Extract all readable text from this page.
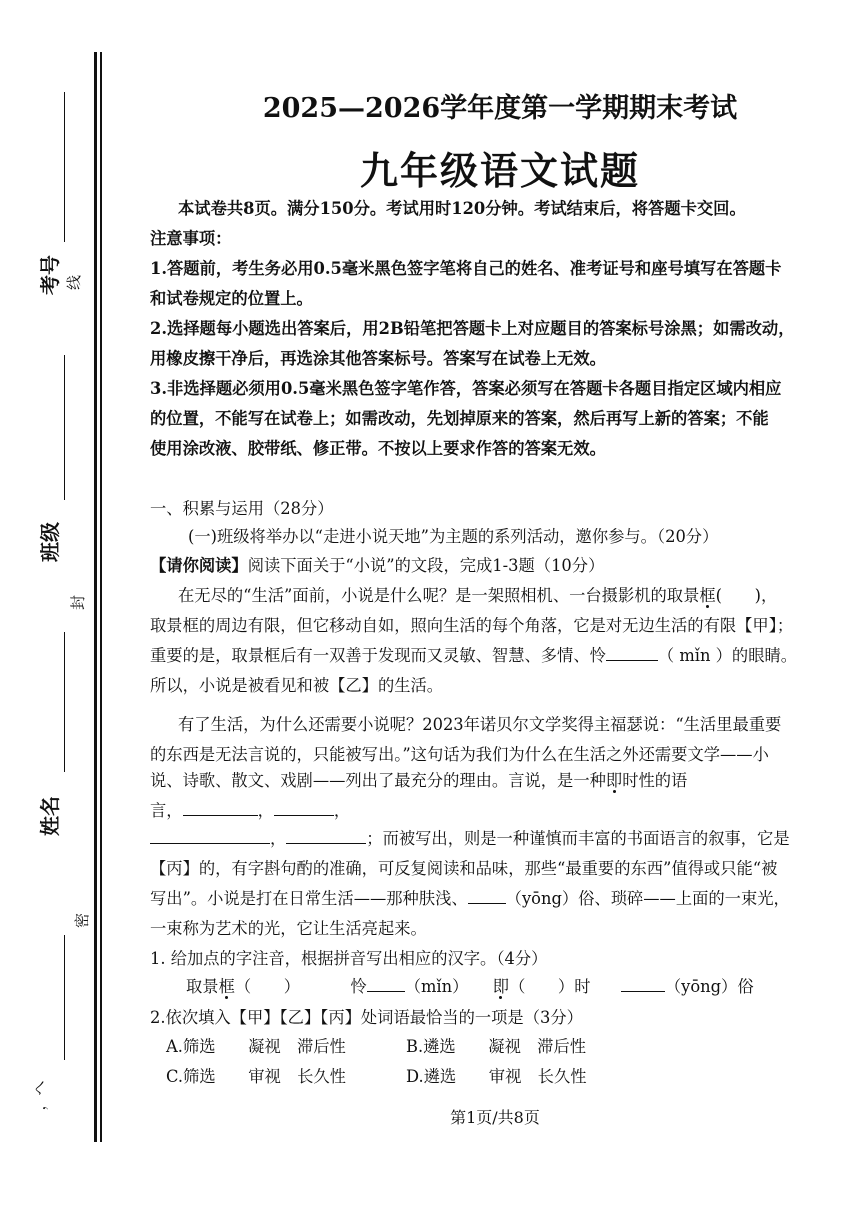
考号 线
班级
封
姓名
密
，へ
2025—2026学年度第一学期期末考试
九年级语文试题
本试卷共8页。满分150分。考试用时120分钟。考试结束后，将答题卡交回。
注意事项：
1.答题前，考生务必用0.5毫米黑色签字笔将自己的姓名、准考证号和座号填写在答题卡
和试卷规定的位置上。
2.选择题每小题选出答案后，用2B铅笔把答题卡上对应题目的答案标号涂黑；如需改动，
用橡皮擦干净后，再选涂其他答案标号。答案写在试卷上无效。
3.非选择题必须用0.5毫米黑色签字笔作答，答案必须写在答题卡各题目指定区域内相应
的位置，不能写在试卷上；如需改动，先划掉原来的答案，然后再写上新的答案；不能
使用涂改液、胶带纸、修正带。不按以上要求作答的答案无效。
一、积累与运用（28分）
(一)班级将举办以“走进小说天地”为主题的系列活动，邀你参与。（20分）
【请你阅读】阅读下面关于“小说”的文段，完成1-3题（10分）
在无尽的“生活”面前，小说是什么呢？是一架照相机、一台摄影机的取景框(　　)，
取景框的周边有限，但它移动自如，照向生活的每个角落，它是对无边生活的有限【甲】；
重要的是，取景框后有一双善于发现而又灵敏、智慧、多情、怜	（ mǐn ）的眼睛。
所以，小说是被看见和被【乙】的生活。
有了生活，为什么还需要小说呢？2023年诺贝尔文学奖得主福瑟说：“生活里最重要
的东西是无法言说的，只能被写出。”这句话为我们为什么在生活之外还需要文学——小
说、诗歌、散文、戏剧——列出了最充分的理由。言说，是一种即时性的语
言，	，	，
，	；而被写出，则是一种谨慎而丰富的书面语言的叙事，它是
【丙】的，有字斟句酌的准确，可反复阅读和品味，那些“最重要的东西”值得或只能“被
写出”。小说是打在日常生活——那种肤浅、 （yōng）俗、琐碎——上面的一束光，
一束称为艺术的光，它让生活亮起来。
1. 给加点的字注音，根据拼音写出相应的汉字。（4分）
取景框（　　）	怜 （mǐn） 即（　　）时	（yōng）俗
2.依次填入【甲】【乙】【丙】处词语最恰当的一项是（3分）
A.筛选　　 凝视　 滞后性	B.遴选　　 凝视　 滞后性
C.筛选　　 审视　 长久性	D.遴选　　 审视　 长久性
第1页/共8页
